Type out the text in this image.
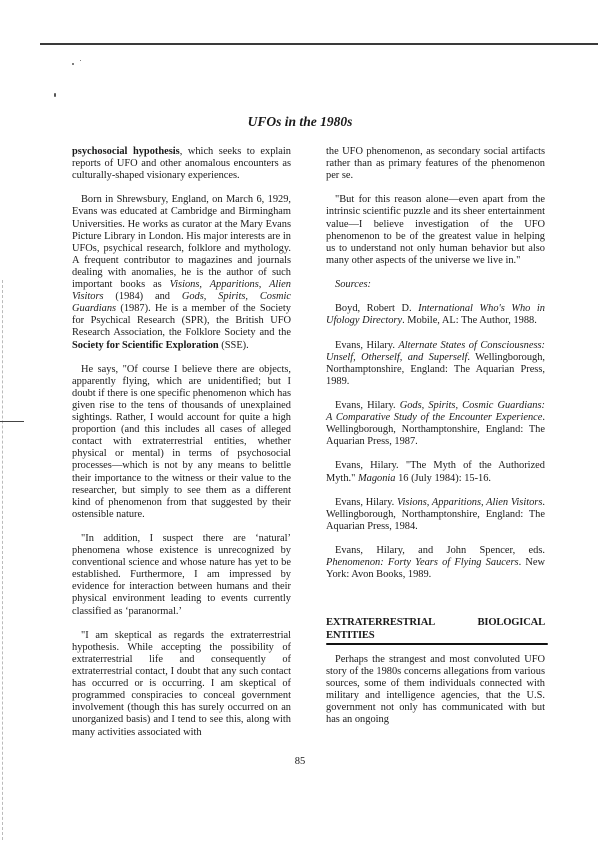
UFOs in the 1980s

psychosocial hypothesis, which seeks to explain reports of UFO and other anomalous encounters as culturally-shaped visionary experiences.

Born in Shrewsbury, England, on March 6, 1929, Evans was educated at Cambridge and Birmingham Universities. He works as curator at the Mary Evans Picture Library in London. His major interests are in UFOs, psychical research, folklore and mythology. A frequent contributor to magazines and journals dealing with anomalies, he is the author of such important books as Visions, Apparitions, Alien Visitors (1984) and Gods, Spirits, Cosmic Guardians (1987). He is a member of the Society for Psychical Research (SPR), the British UFO Research Association, the Folklore Society and the Society for Scientific Exploration (SSE).

He says, "Of course I believe there are objects, apparently flying, which are unidentified; but I doubt if there is one specific phenomenon which has given rise to the tens of thousands of unexplained sightings. Rather, I would account for quite a high proportion (and this includes all cases of alleged contact with extraterrestrial entities, whether physical or mental) in terms of psychosocial processes—which is not by any means to belittle their importance to the witness or their value to the researcher, but simply to see them as a different kind of phenomenon from that suggested by their ostensible nature.

"In addition, I suspect there are ‘natural’ phenomena whose existence is unrecognized by conventional science and whose nature has yet to be established. Furthermore, I am impressed by evidence for interaction between humans and their physical environment leading to events currently classified as ‘paranormal.’

"I am skeptical as regards the extraterrestrial hypothesis. While accepting the possibility of extraterrestrial life and consequently of extraterrestrial contact, I doubt that any such contact has occurred or is occurring. I am skeptical of programmed conspiracies to conceal government involvement (though this has surely occurred on an unorganized basis) and I tend to see this, along with many activities associated with

the UFO phenomenon, as secondary social artifacts rather than as primary features of the phenomenon per se.

"But for this reason alone—even apart from the intrinsic scientific puzzle and its sheer entertainment value—I believe investigation of the UFO phenomenon to be of the greatest value in helping us to understand not only human behavior but also many other aspects of the universe we live in."

Sources:

Boyd, Robert D. International Who's Who in Ufology Directory. Mobile, AL: The Author, 1988.

Evans, Hilary. Alternate States of Consciousness: Unself, Otherself, and Superself. Wellingborough, Northamptonshire, England: The Aquarian Press, 1989.

Evans, Hilary. Gods, Spirits, Cosmic Guardians: A Comparative Study of the Encounter Experience. Wellingborough, Northamptonshire, England: The Aquarian Press, 1987.

Evans, Hilary. "The Myth of the Authorized Myth." Magonia 16 (July 1984): 15-16.

Evans, Hilary. Visions, Apparitions, Alien Visitors. Wellingborough, Northamptonshire, England: The Aquarian Press, 1984.

Evans, Hilary, and John Spencer, eds. Phenomenon: Forty Years of Flying Saucers. New York: Avon Books, 1989.

EXTRATERRESTRIAL BIOLOGICAL ENTITIES

Perhaps the strangest and most convoluted UFO story of the 1980s concerns allegations from various sources, some of them individuals connected with military and intelligence agencies, that the U.S. government not only has communicated with but has an ongoing

85
